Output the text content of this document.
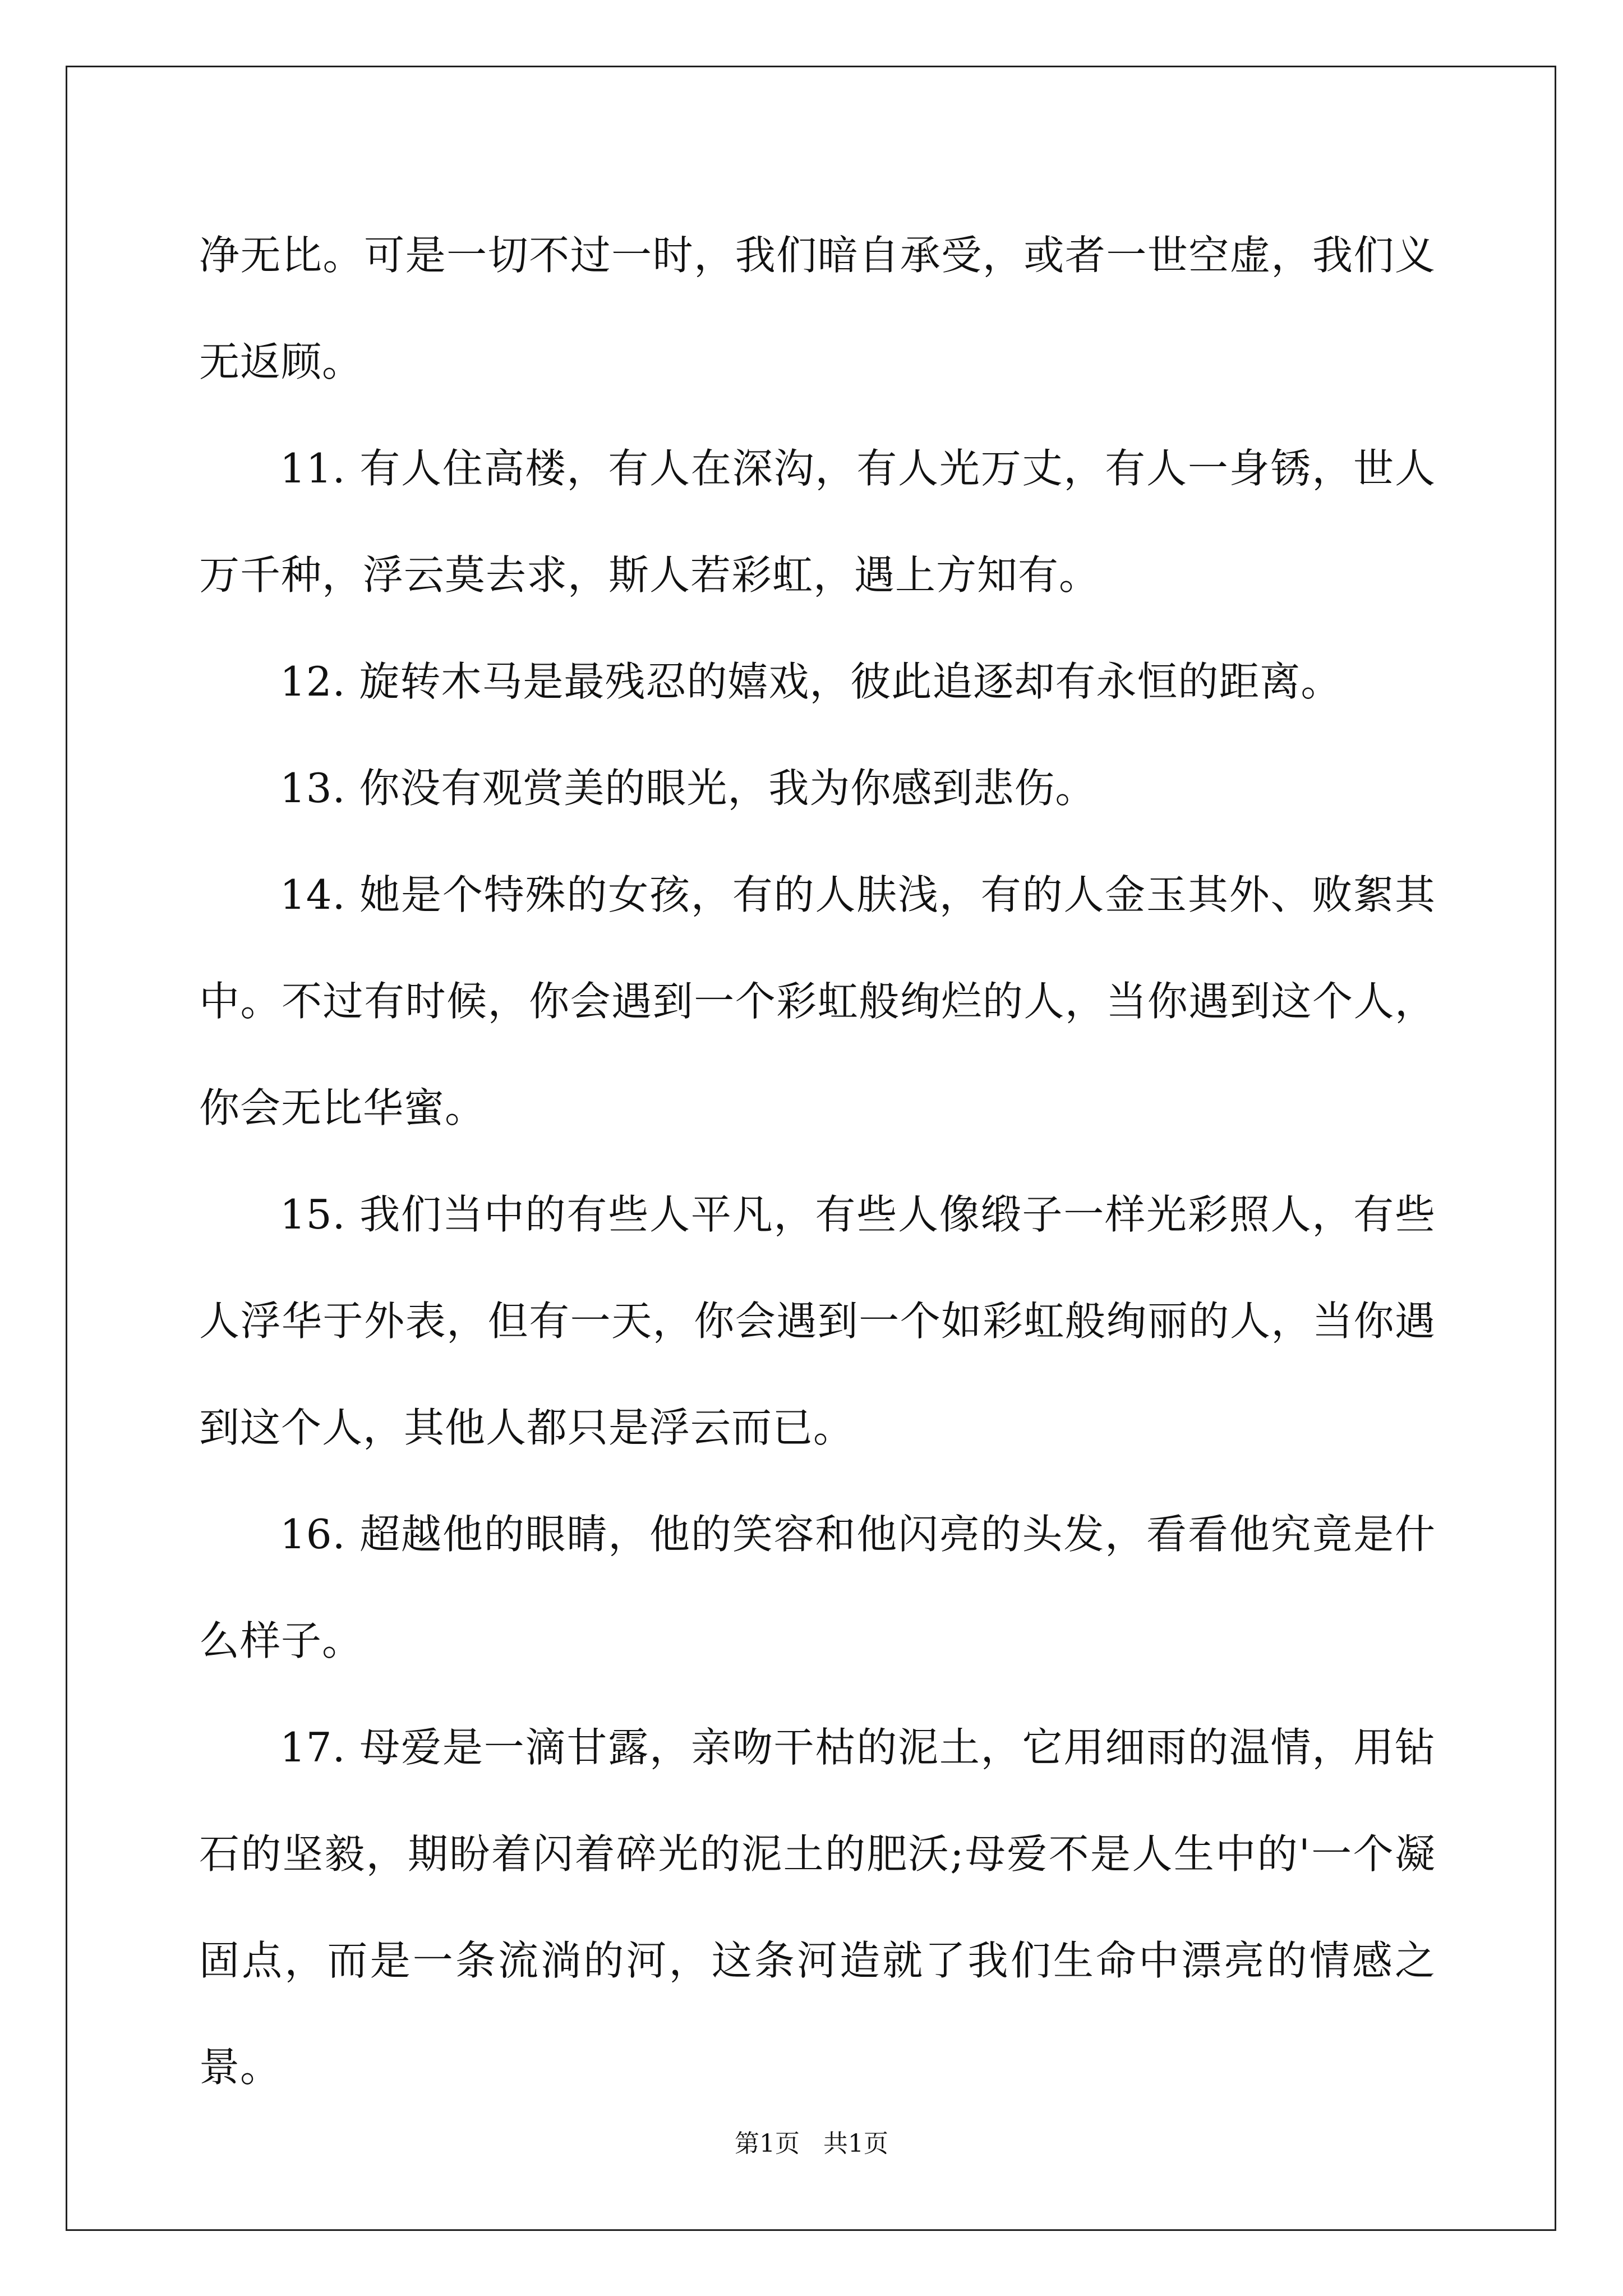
净无比。可是一切不过一时，我们暗自承受，或者一世空虚，我们义无返顾。

11. 有人住高楼，有人在深沟，有人光万丈，有人一身锈，世人万千种，浮云莫去求，斯人若彩虹，遇上方知有。

12. 旋转木马是最残忍的嬉戏，彼此追逐却有永恒的距离。

13. 你没有观赏美的眼光，我为你感到悲伤。

14. 她是个特殊的女孩，有的人肤浅，有的人金玉其外、败絮其中。不过有时候，你会遇到一个彩虹般绚烂的人，当你遇到这个人，你会无比华蜜。

15. 我们当中的有些人平凡，有些人像缎子一样光彩照人，有些人浮华于外表，但有一天，你会遇到一个如彩虹般绚丽的人，当你遇到这个人，其他人都只是浮云而已。

16. 超越他的眼睛，他的笑容和他闪亮的头发，看看他究竟是什么样子。

17. 母爱是一滴甘露，亲吻干枯的泥土，它用细雨的温情，用钻石的坚毅，期盼着闪着碎光的泥土的肥沃;母爱不是人生中的'一个凝固点，而是一条流淌的河，这条河造就了我们生命中漂亮的情感之景。

第1页   共1页
